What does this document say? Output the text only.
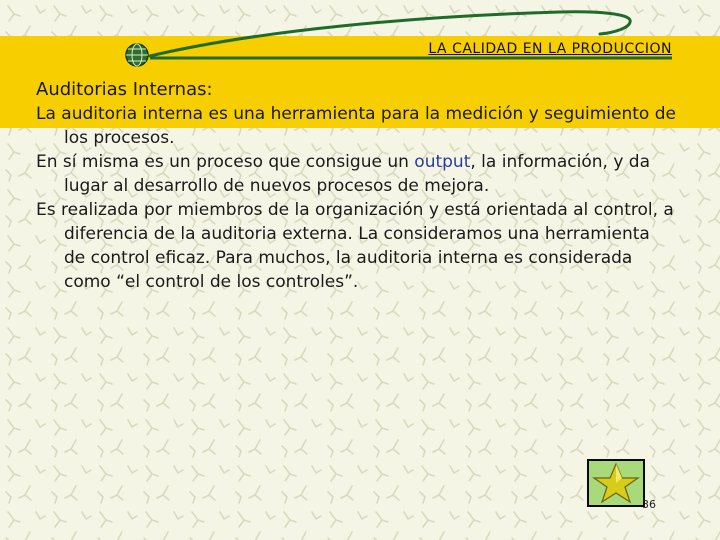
LA CALIDAD EN LA PRODUCCION

Auditorias Internas:

La auditoria interna es una herramienta para la medición y seguimiento de los procesos.

En sí misma es un proceso que consigue un output, la información, y da lugar al desarrollo de nuevos procesos de mejora.

Es realizada por miembros de la organización y está orientada al control, a diferencia de la auditoria externa. La consideramos una herramienta de control eficaz. Para muchos, la auditoria interna es considerada como “el control de los controles”.

36
